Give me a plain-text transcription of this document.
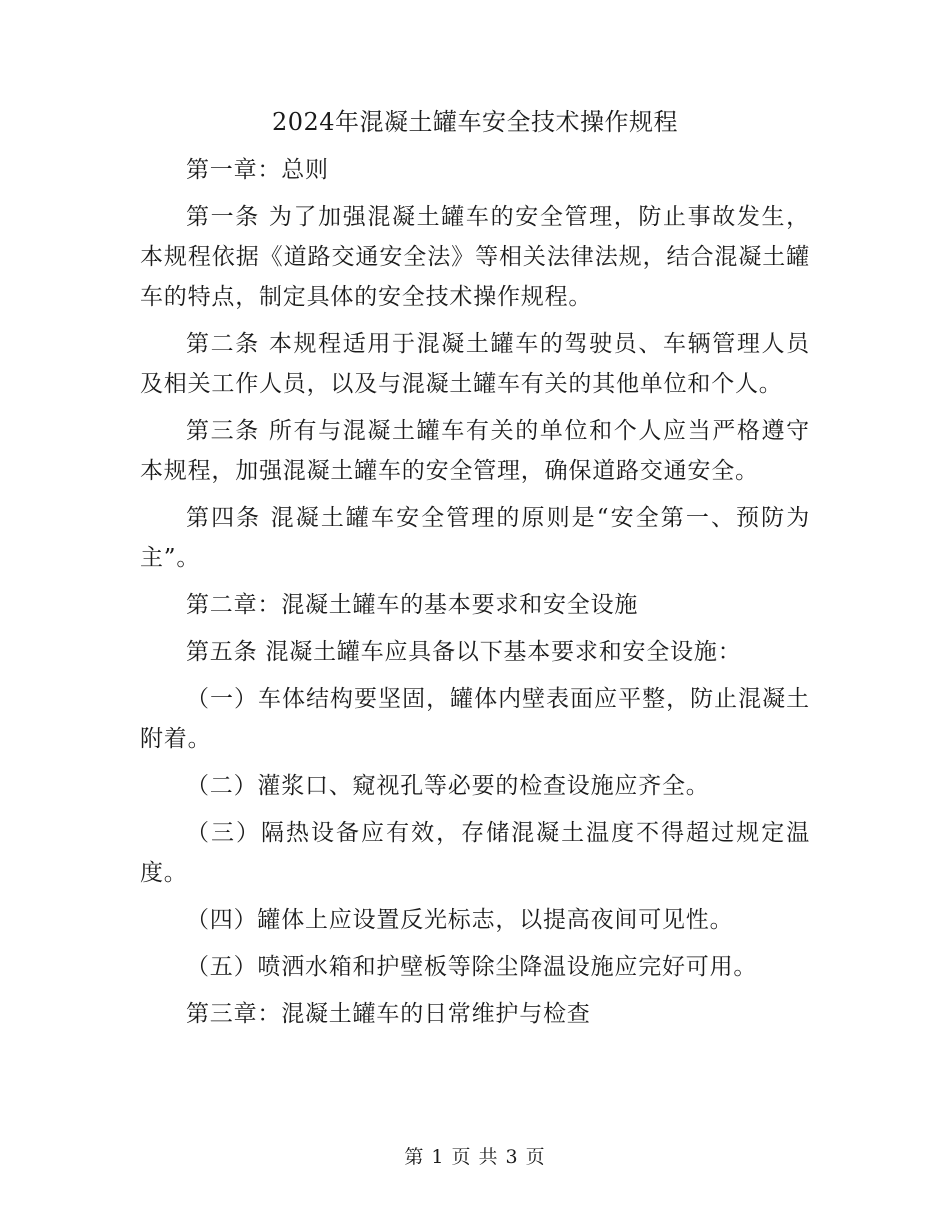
2024年混凝土罐车安全技术操作规程

第一章：总则

第一条 为了加强混凝土罐车的安全管理，防止事故发生，本规程依据《道路交通安全法》等相关法律法规，结合混凝土罐车的特点，制定具体的安全技术操作规程。

第二条 本规程适用于混凝土罐车的驾驶员、车辆管理人员及相关工作人员，以及与混凝土罐车有关的其他单位和个人。

第三条 所有与混凝土罐车有关的单位和个人应当严格遵守本规程，加强混凝土罐车的安全管理，确保道路交通安全。

第四条 混凝土罐车安全管理的原则是“安全第一、预防为主”。

第二章：混凝土罐车的基本要求和安全设施

第五条 混凝土罐车应具备以下基本要求和安全设施：

（一）车体结构要坚固，罐体内壁表面应平整，防止混凝土附着。

（二）灌浆口、窥视孔等必要的检查设施应齐全。

（三）隔热设备应有效，存储混凝土温度不得超过规定温度。

（四）罐体上应设置反光标志，以提高夜间可见性。

（五）喷洒水箱和护壁板等除尘降温设施应完好可用。

第三章：混凝土罐车的日常维护与检查

第 1 页 共 3 页
